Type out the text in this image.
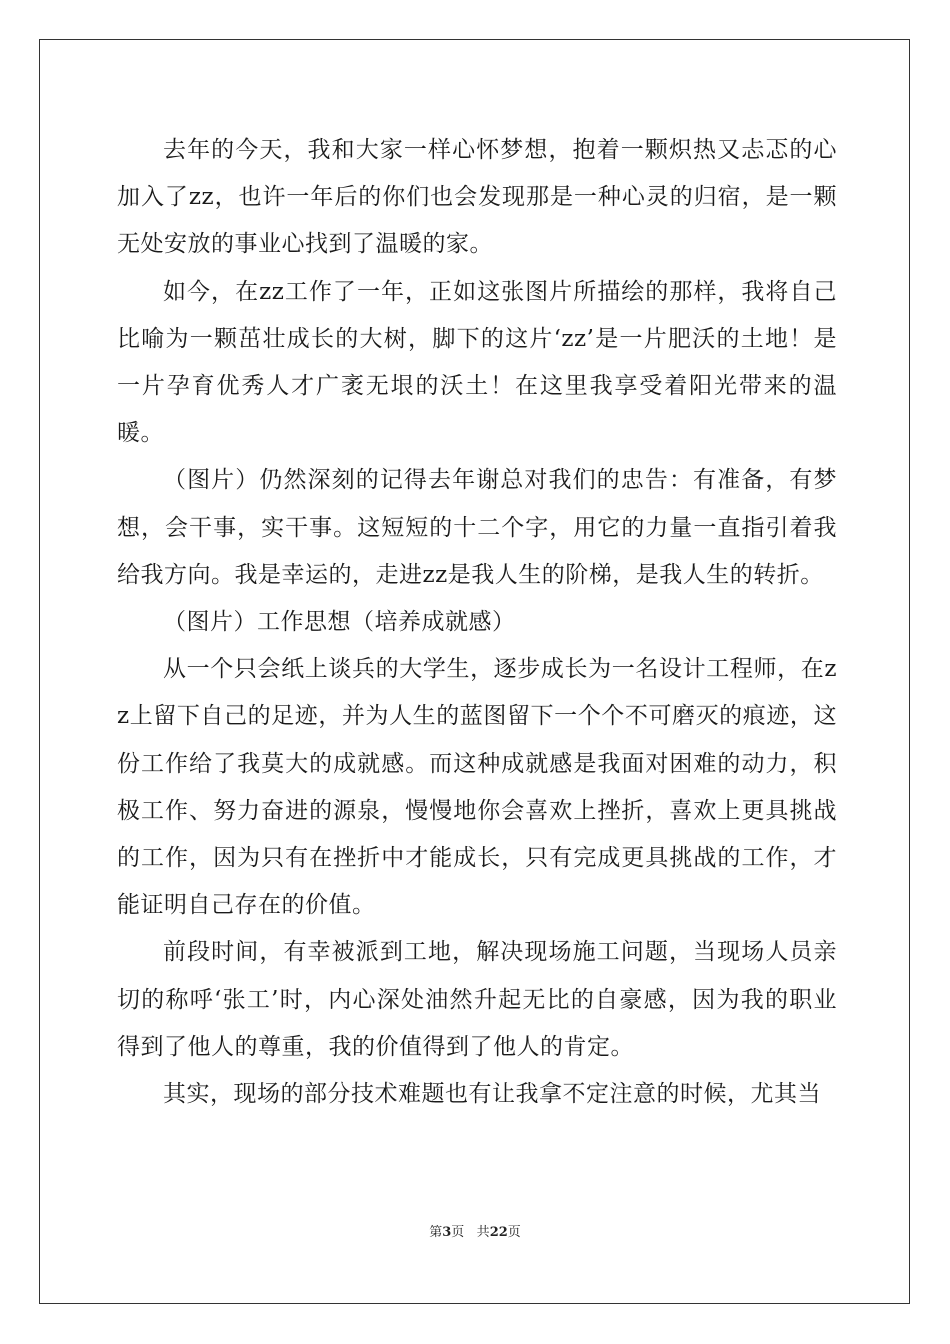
去年的今天，我和大家一样心怀梦想，抱着一颗炽热又忐忑的心加入了zz，也许一年后的你们也会发现那是一种心灵的归宿，是一颗无处安放的事业心找到了温暖的家。

如今，在zz工作了一年，正如这张图片所描绘的那样，我将自己比喻为一颗茁壮成长的大树，脚下的这片‘zz’是一片肥沃的土地！是一片孕育优秀人才广袤无垠的沃土！在这里我享受着阳光带来的温暖。

（图片）仍然深刻的记得去年谢总对我们的忠告：有准备，有梦想，会干事，实干事。这短短的十二个字，用它的力量一直指引着我给我方向。我是幸运的，走进zz是我人生的阶梯，是我人生的转折。

（图片）工作思想（培养成就感）

从一个只会纸上谈兵的大学生，逐步成长为一名设计工程师，在zz上留下自己的足迹，并为人生的蓝图留下一个个不可磨灭的痕迹，这份工作给了我莫大的成就感。而这种成就感是我面对困难的动力，积极工作、努力奋进的源泉，慢慢地你会喜欢上挫折，喜欢上更具挑战的工作，因为只有在挫折中才能成长，只有完成更具挑战的工作，才能证明自己存在的价值。

前段时间，有幸被派到工地，解决现场施工问题，当现场人员亲切的称呼‘张工’时，内心深处油然升起无比的自豪感，因为我的职业得到了他人的尊重，我的价值得到了他人的肯定。

其实，现场的部分技术难题也有让我拿不定注意的时候，尤其当

第3页 共22页
